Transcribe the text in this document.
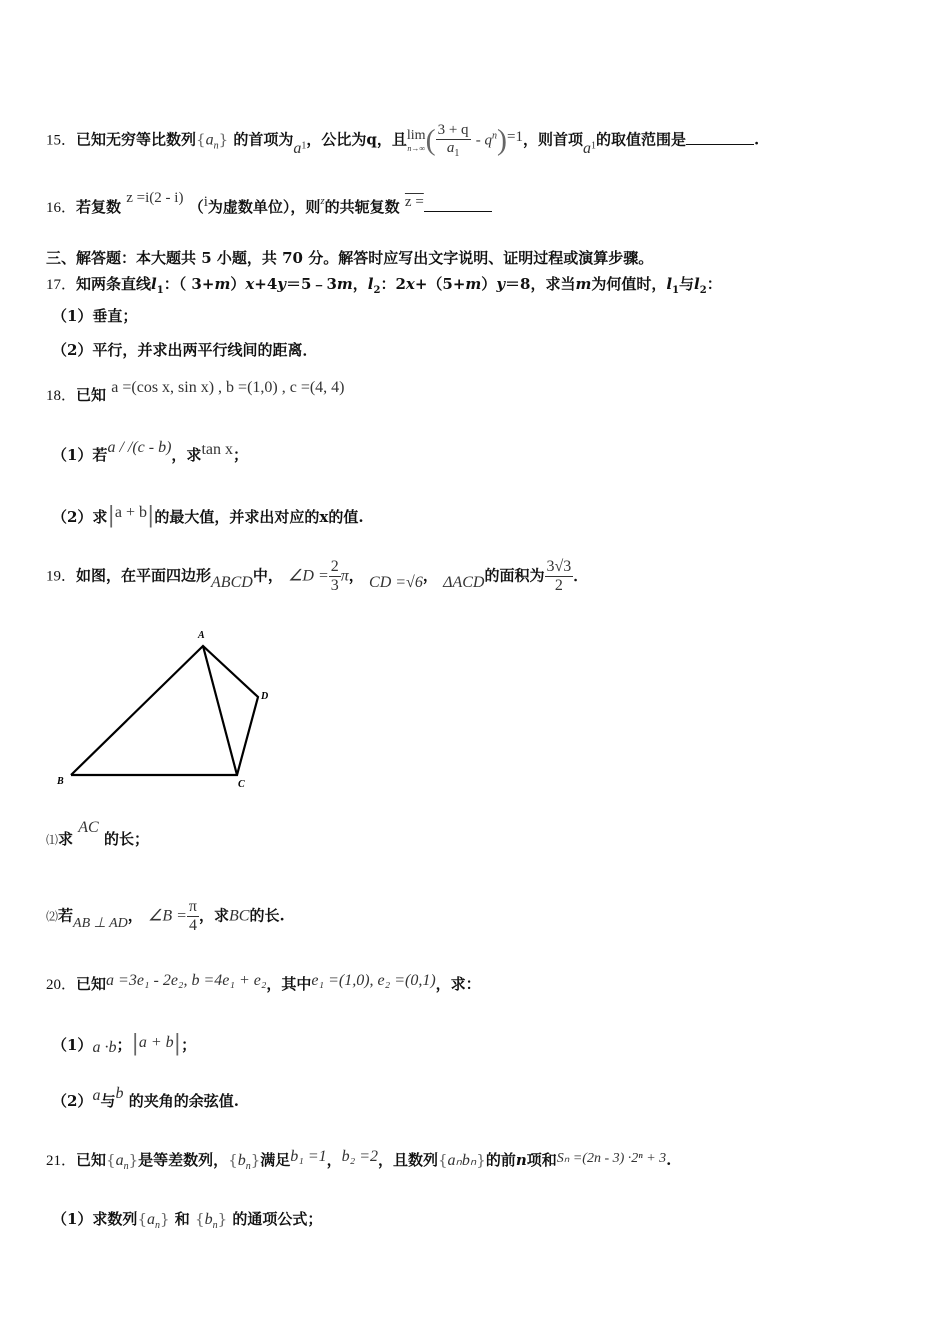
15．已知无穷等比数列$\{a_n\}$ 的首项为$a_1$，公比为q，且 lim
n→∞ ( $\frac{3 + q}{a_1} - q^n)=1$，则首项$a_1$的取值范围是	.
16．若复数 z =i(2 - i) （i为虚数单位），则$^z$的共轭复数 z =
三、解答题：本大题共 5 小题，共 70 分。解答时应写出文字说明、证明过程或演算步骤。
17．知两条直线$l_1$：（ 3+m）x+4y＝5﹣3m，$l_2$：2x+（5+m）y＝8，求当m为何值时，$l_1$与$l_2$：
（1）垂直；
（2）平行，并求出两平行线间的距离．
18．已知 a =(cos x, sin x) , b =(1,0) , c =(4, 4)
（1）若a / /(c - b)，求tan x；
（2）求|a + b|的最大值，并求出对应的x的值.
19．如图，在平面四边形ABCD中， ∠D = $\frac{2}{3}$ π， CD =√6， ΔACD的面积为 $\frac{3√3}{2}$ ．
A
B	C
D
⑴求 AC 的长；
⑵若AB ⊥ AD， ∠B = $\frac{\pi}{4}$ ，求BC的长.
20．已知a =3e₁ - 2e₂, b =4e₁ + e₂，其中e₁ =(1,0), e₂ =(0,1)，求：
（1）a ·b；|a + b|；
（2）a与b 的夹角的余弦值.
21．已知$\{a_n\}$是等差数列，$\{b_n\}$满足b₁ =1，b₂ =2，且数列{aₙbₙ}的前n项和Sₙ =(2n - 3) ·2ⁿ + 3.
（1）求数列$\{a_n\}$ 和 $\{b_n\}$ 的通项公式；
